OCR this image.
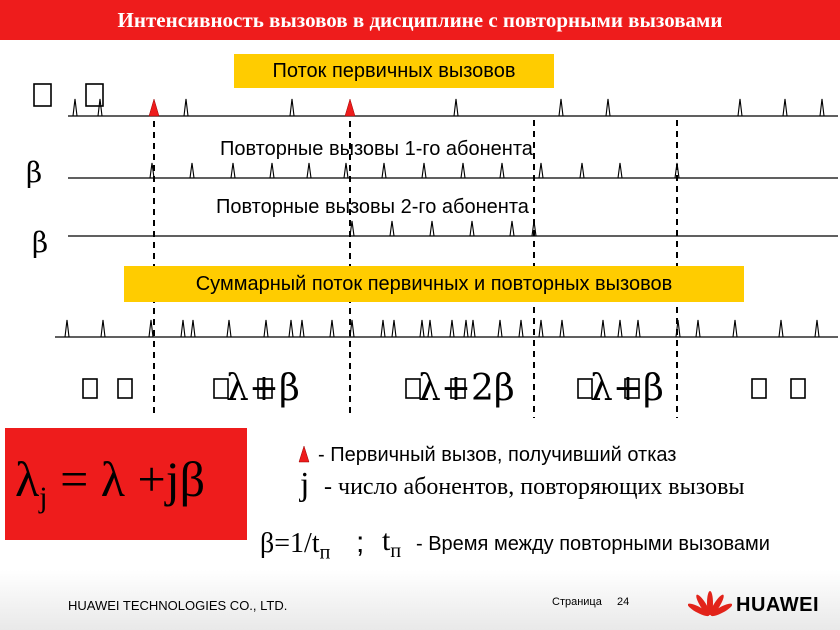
Интенсивность вызовов в дисциплине с повторными вызовами
Поток первичных вызовов
Повторные вызовы 1-го абонента
Повторные вызовы 2-го абонента
Суммарный поток первичных и повторных вызовов
β
β
λ+β	λ+2β λ+β
$\lambda_j = \lambda +j\beta$	- Первичный вызов, получивший отказ
j - число абонентов, повторяющих вызовы
$\beta=1/t_п$ ; $t_п$ - Время между повторными вызовами
HUAWEI TECHNOLOGIES CO., LTD.	Страница 24	HUAWEI
